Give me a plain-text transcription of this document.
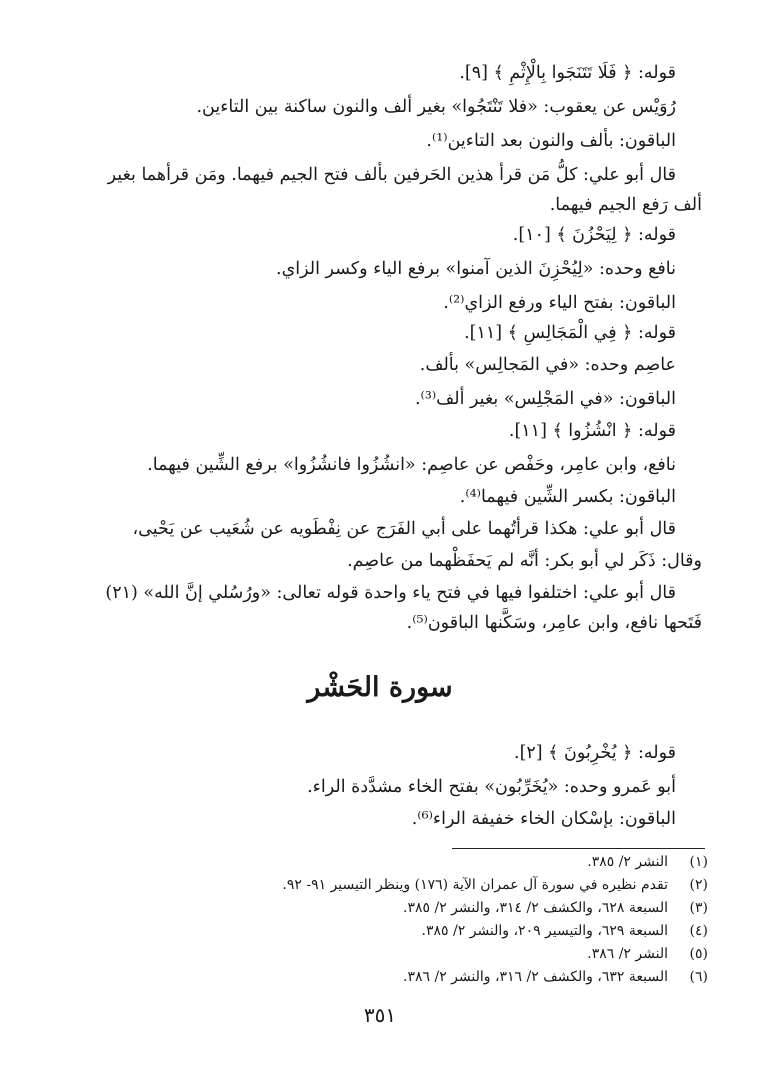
قوله: ﴿ فَلَا تَتَنَجَوا بِالْإِثْمِ ﴾ [٩].
رُوَيْس عن يعقوب: «فلا تَنْتَجُوا» بغير ألف والنون ساكنة بين التاءين.
الباقون: بألف والنون بعد التاءين⁽¹⁾.
قال أبو علي: كلُّ مَن قرأ هذين الحَرفين بألف فتح الجيم فيهما. ومَن قرأهما بغير
ألف رَفع الجيم فيهما.
قوله: ﴿ لِيَحْزُنَ ﴾ [١٠].
نافع وحده: «لِيُحْزِنَ الذين آمنوا» برفع الياء وكسر الزاي.
الباقون: بفتح الياء ورفع الزاي⁽²⁾.
قوله: ﴿ فِي الْمَجَالِسِ ﴾ [١١].
عاصِم وحده: «في المَجالِس» بألف.
الباقون: «في المَجْلِس» بغير ألف⁽³⁾.
قوله: ﴿ انْشُزُوا ﴾ [١١].
نافع، وابن عامِر، وحَفْص عن عاصِم: «انشُزُوا فانشُزُوا» برفع الشِّين فيهما.
الباقون: بكسر الشِّين فيهما⁽⁴⁾.
قال أبو علي: هكذا قرأتُهما على أبي الفَرَج عن نِفْطَويه عن شُعَيب عن يَحْيى،
وقال: ذَكَر لي أبو بكر: أنَّه لم يَحفَظْهما من عاصِم.
قال أبو علي: اختلفوا فيها في فتح ياء واحدة قوله تعالى: «ورُسُلي إنَّ الله» (٢١)
فَتَحها نافع، وابن عامِر، وسَكَّنها الباقون⁽⁵⁾.
سورة الحَشْر
قوله: ﴿ يُخْرِبُونَ ﴾ [٢].
أبو عَمرو وحده: «يُخَرِّبُون» بفتح الخاء مشدَّدة الراء.
الباقون: بإسْكان الخاء خفيفة الراء⁽⁶⁾.
(١)النشر ٢/ ٣٨٥.
(٢)تقدم نظيره في سورة آل عمران الآية (١٧٦) وينظر التيسير ٩١- ٩٢.
(٣)السبعة ٦٢٨، والكشف ٢/ ٣١٤، والنشر ٢/ ٣٨٥.
(٤)السبعة ٦٢٩، والتيسير ٢٠٩، والنشر ٢/ ٣٨٥.
(٥)النشر ٢/ ٣٨٦.
(٦)السبعة ٦٣٢، والكشف ٢/ ٣١٦، والنشر ٢/ ٣٨٦.
٣٥١
